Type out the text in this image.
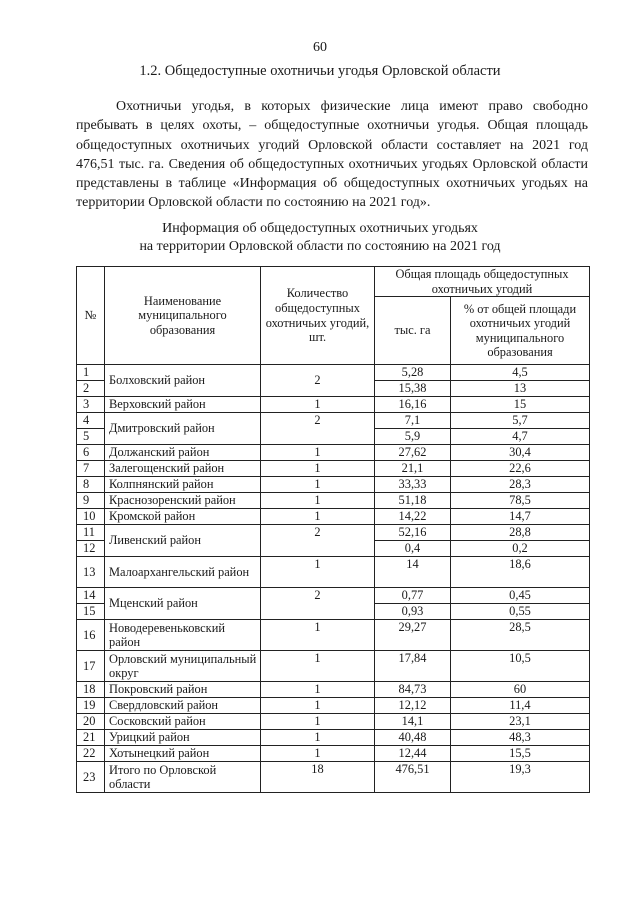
60
1.2. Общедоступные охотничьи угодья Орловской области

Охотничьи угодья, в которых физические лица имеют право свободно пребывать в целях охоты, – общедоступные охотничьи угодья. Общая площадь общедоступных охотничьих угодий Орловской области составляет на 2021 год 476,51 тыс. га. Сведения об общедоступных охотничьих угодьях Орловской области представлены в таблице «Информация об общедоступных охотничьих угодьях на территории Орловской области по состоянию на 2021 год».

Информация об общедоступных охотничьих угодьях
на территории Орловской области по состоянию на 2021 год
№	Наименование муниципального образования	Количество общедоступных охотничьих угодий, шт.	Общая площадь общедоступных охотничьих угодий	
			тыс. га	% от общей площади охотничьих угодий муниципального образования
1	Болховский район	2	5,28	4,5
2			15,38	13
3	Верховский район	1	16,16	15
4	Дмитровский район	2	7,1	5,7
5			5,9	4,7
6	Должанский район	1	27,62	30,4
7	Залегощенский район	1	21,1	22,6
8	Колпнянский район	1	33,33	28,3
9	Краснозоренский район	1	51,18	78,5
10	Кромской район	1	14,22	14,7
11	Ливенский район	2	52,16	28,8
12			0,4	0,2
13	Малоархангельский район	1	14	18,6
14	Мценский район	2	0,77	0,45
15			0,93	0,55
16	Новодеревеньковский район	1	29,27	28,5
17	Орловский муниципальный округ	1	17,84	10,5
18	Покровский район	1	84,73	60
19	Свердловский район	1	12,12	11,4
20	Сосковский район	1	14,1	23,1
21	Урицкий район	1	40,48	48,3
22	Хотынецкий район	1	12,44	15,5
23	Итого по Орловской области	18	476,51	19,3
